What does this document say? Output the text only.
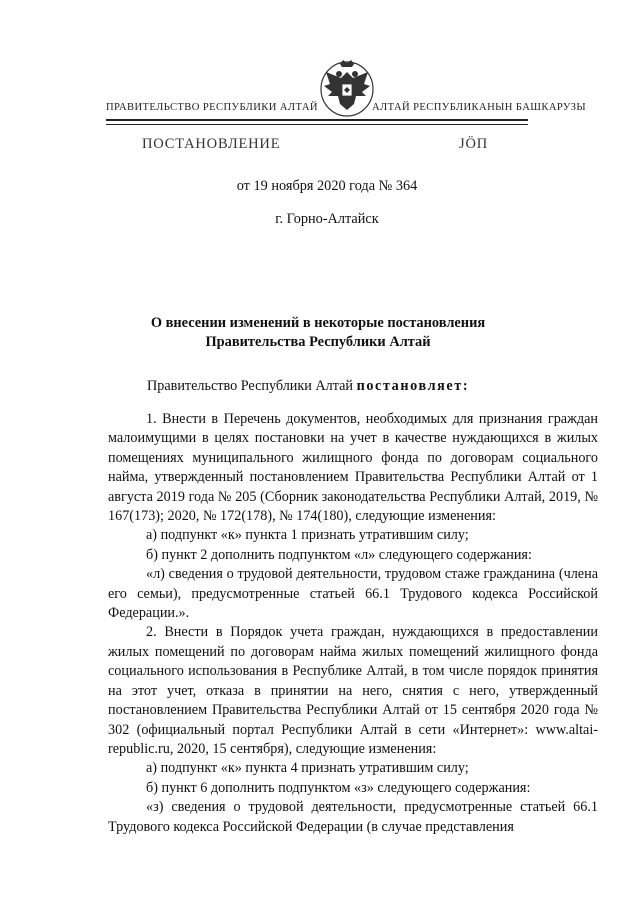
ПРАВИТЕЛЬСТВО РЕСПУБЛИКИ АЛТАЙ	АЛТАЙ РЕСПУБЛИКАНЫН БАШКАРУЗЫ
ПОСТАНОВЛЕНИЕ	ЈÖП
от 19 ноября 2020 года № 364
г. Горно-Алтайск
О внесении изменений в некоторые постановления Правительства Республики Алтай
Правительство Республики Алтай постановляет:

1. Внести в Перечень документов, необходимых для признания граждан малоимущими в целях постановки на учет в качестве нуждающихся в жилых помещениях муниципального жилищного фонда по договорам социального найма, утвержденный постановлением Правительства Республики Алтай от 1 августа 2019 года № 205 (Сборник законодательства Республики Алтай, 2019, № 167(173); 2020, № 172(178), № 174(180), следующие изменения:

а) подпункт «к» пункта 1 признать утратившим силу;

б) пункт 2 дополнить подпунктом «л» следующего содержания:

«л) сведения о трудовой деятельности, трудовом стаже гражданина (члена его семьи), предусмотренные статьей 66.1 Трудового кодекса Российской Федерации.».

2. Внести в Порядок учета граждан, нуждающихся в предоставлении жилых помещений по договорам найма жилых помещений жилищного фонда социального использования в Республике Алтай, в том числе порядок принятия на этот учет, отказа в принятии на него, снятия с него, утвержденный постановлением Правительства Республики Алтай от 15 сентября 2020 года № 302 (официальный портал Республики Алтай в сети «Интернет»: www.altai-republic.ru, 2020, 15 сентября), следующие изменения:

а) подпункт «к» пункта 4 признать утратившим силу;

б) пункт 6 дополнить подпунктом «з» следующего содержания:

«з) сведения о трудовой деятельности, предусмотренные статьей 66.1 Трудового кодекса Российской Федерации (в случае представления
